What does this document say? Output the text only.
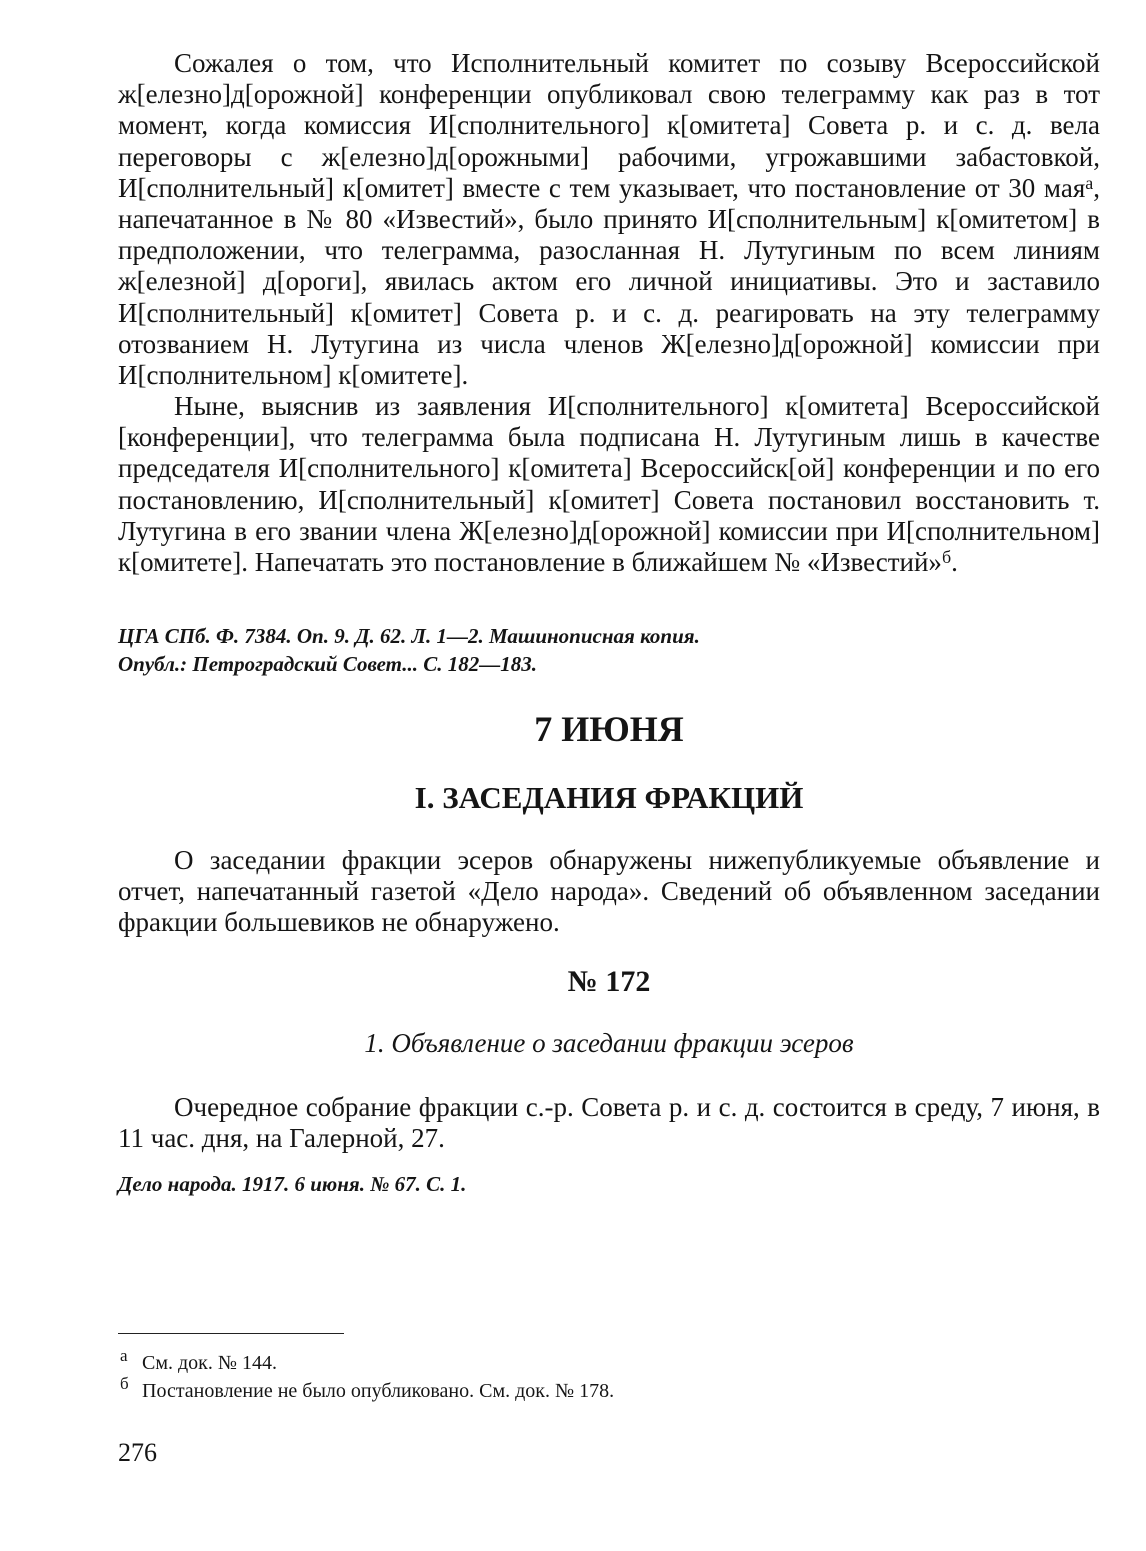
Сожалея о том, что Исполнительный комитет по созыву Всероссийской ж[елезно]д[орожной] конференции опубликовал свою телеграмму как раз в тот момент, когда комиссия И[сполнительного] к[омитета] Совета р. и с. д. вела переговоры с ж[елезно]д[орожными] рабочими, угрожавшими забастовкой, И[сполнительный] к[омитет] вместе с тем указывает, что постановление от 30 мая$^а$, напечатанное в № 80 «Известий», было принято И[сполнительным] к[омитетом] в предположении, что телеграмма, разосланная Н. Лутугиным по всем линиям ж[елезной] д[ороги], явилась актом его личной инициативы. Это и заставило И[сполнительный] к[омитет] Совета р. и с. д. реагировать на эту телеграмму отозванием Н. Лутугина из числа членов Ж[елезно]д[орожной] комиссии при И[сполнительном] к[омитете].

Ныне, выяснив из заявления И[сполнительного] к[омитета] Всероссийской [конференции], что телеграмма была подписана Н. Лутугиным лишь в качестве председателя И[сполнительного] к[омитета] Всероссийск[ой] конференции и по его постановлению, И[сполнительный] к[омитет] Совета постановил восстановить т. Лутугина в его звании члена Ж[елезно]д[орожной] комиссии при И[сполнительном] к[омитете]. Напечатать это постановление в ближайшем № «Известий»$^б$.

ЦГА СПб. Ф. 7384. Оп. 9. Д. 62. Л. 1—2. Машинописная копия.
Опубл.: Петроградский Совет... С. 182—183.
7 ИЮНЯ
I. ЗАСЕДАНИЯ ФРАКЦИЙ

О заседании фракции эсеров обнаружены нижепубликуемые объявление и отчет, напечатанный газетой «Дело народа». Сведений об объявленном заседании фракции большевиков не обнаружено.

№ 172
1. Объявление о заседании фракции эсеров

Очередное собрание фракции с.-р. Совета р. и с. д. состоится в среду, 7 июня, в 11 час. дня, на Галерной, 27.

Дело народа. 1917. 6 июня. № 67. С. 1.
а См. док. № 144.
б Постановление не было опубликовано. См. док. № 178.
276
